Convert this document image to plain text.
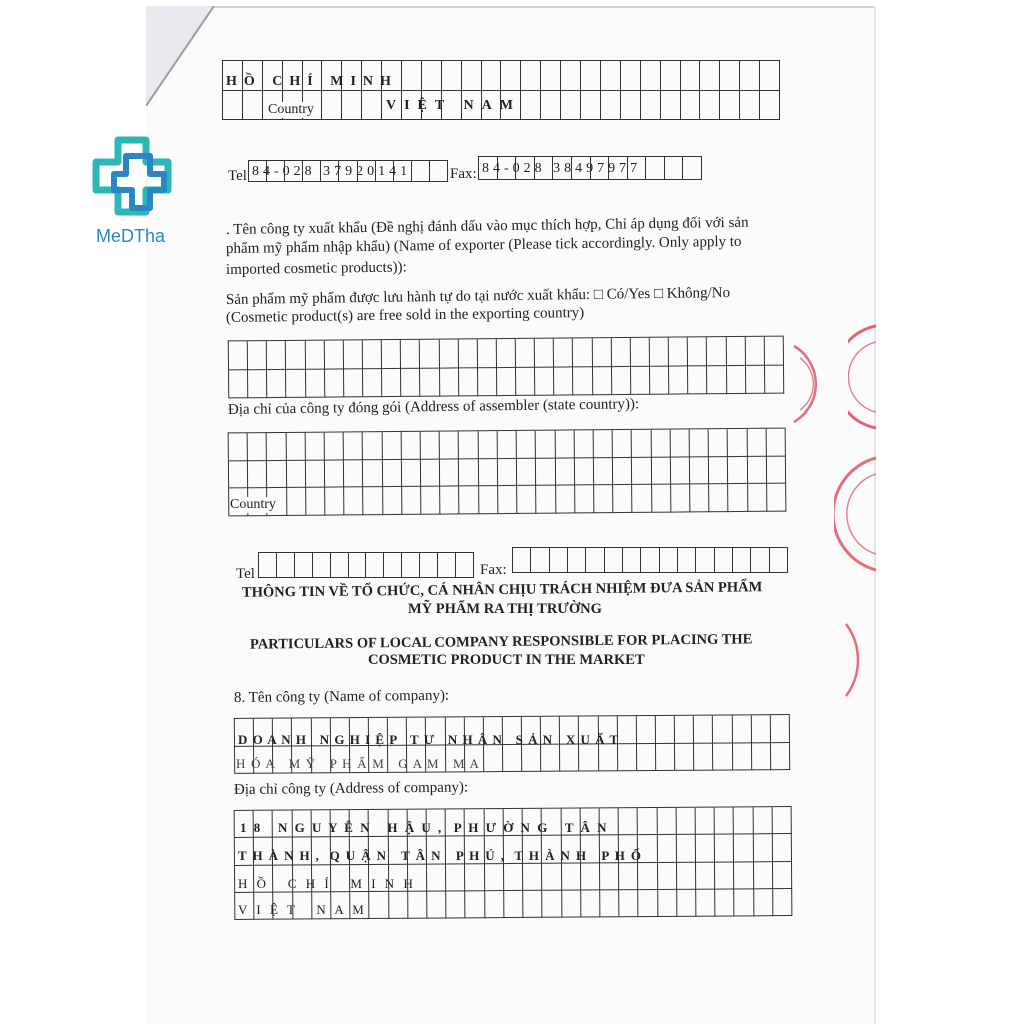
MeDTha
HỒ CHÍ MINH
Country	VIỆT NAM
Tel 84-028 37920141	Fax: 84-028 38497977
. Tên công ty xuất khẩu (Đề nghị đánh dấu vào mục thích hợp, Chỉ áp dụng đối với sản
phẩm mỹ phẩm nhập khẩu) (Name of exporter (Please tick accordingly. Only apply to
imported cosmetic products)):
Sản phẩm mỹ phẩm được lưu hành tự do tại nước xuất khẩu: □ Có/Yes □ Không/No
(Cosmetic product(s) are free sold in the exporting country)
Địa chỉ của công ty đóng gói (Address of assembler (state country)):
Country
Tel	Fax:
THÔNG TIN VỀ TỔ CHỨC, CÁ NHÂN CHỊU TRÁCH NHIỆM ĐƯA SẢN PHẨM
MỸ PHẨM RA THỊ TRƯỜNG
PARTICULARS OF LOCAL COMPANY RESPONSIBLE FOR PLACING THE
COSMETIC PRODUCT IN THE MARKET
8. Tên công ty (Name of company):
D O A N H   N G H I Ệ P   T Ư   N H Â N   S Ả N   X U Ấ T
H Ó A   M Ỹ   P H Ẩ M   G A M   M A
Địa chỉ công ty (Address of company):
1 8   N G U Y Ễ N   H Ậ U ,  P H Ư Ờ N G   T Â N
T H À N H ,  Q U Ậ N   T Â N   P H Ú ,  T H À N H   P H Ố
H Ồ   C H Í   M I N H
V I Ệ T   N A M
